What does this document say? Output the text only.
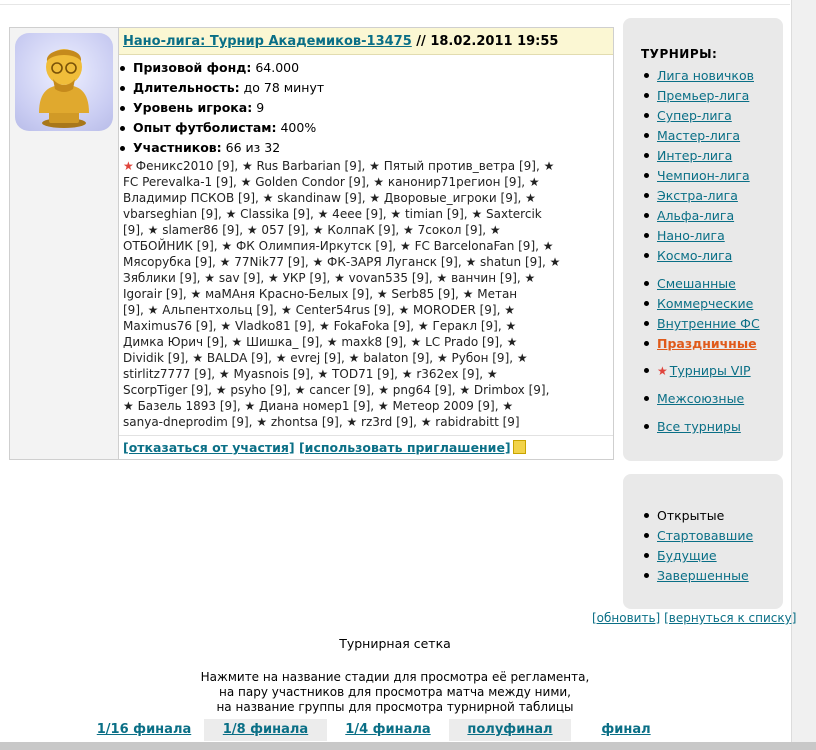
Нано-лига: Турнир Академиков-13475 // 18.02.2011 19:55
Призовой фонд: 64.000
Длительность: до 78 минут
Уровень игрока: 9
Опыт футболистам: 400%
Участников: 66 из 32
★ Феникс2010 [9], ★ Rus Barbarian [9], ★ Пятый против_ветра [9], ★
FC Perevalka-1 [9], ★ Golden Condor [9], ★ канонир71регион [9], ★
Владимир ПСКОВ [9], ★ skandinaw [9], ★ Дворовые_игроки [9], ★
vbarseghian [9], ★ Classika [9], ★ 4eee [9], ★ timian [9], ★ Saxtercik
[9], ★ slamer86 [9], ★ 057 [9], ★ КолпаК [9], ★ 7сокол [9], ★
ОТБОЙНИК [9], ★ ФК Олимпия-Иркутск [9], ★ FC BarcelonaFan [9], ★
Мясорубка [9], ★ 77Nik77 [9], ★ ФК-ЗАРЯ Луганск [9], ★ shatun [9], ★
Зяблики [9], ★ sav [9], ★ УКР [9], ★ vovan535 [9], ★ ванчин [9], ★
Igorair [9], ★ маМАня Красно-Белых [9], ★ Serb85 [9], ★ Метан
[9], ★ Альпентхольц [9], ★ Center54rus [9], ★ MORODER [9], ★
Maximus76 [9], ★ Vladko81 [9], ★ FokaFoka [9], ★ Геракл [9], ★
Димка Юрич [9], ★ Шишка_ [9], ★ maxk8 [9], ★ LC Prado [9], ★
Dividik [9], ★ BALDA [9], ★ evrej [9], ★ balaton [9], ★ Рубон [9], ★
stirlitz7777 [9], ★ Myasnois [9], ★ TOD71 [9], ★ r362ex [9], ★
ScorpTiger [9], ★ psyho [9], ★ cancer [9], ★ png64 [9], ★ Drimbox [9],
★ Базель 1893 [9], ★ Диана номер1 [9], ★ Метеор 2009 [9], ★
sanya-dneprodim [9], ★ zhontsa [9], ★ rz3rd [9], ★ rabidrabitt [9]
[отказаться от участия] [использовать приглашение]
ТУРНИРЫ:
Лига новичков
Премьер-лига
Супер-лига
Мастер-лига
Интер-лига
Чемпион-лига
Экстра-лига
Альфа-лига
Нано-лига
Космо-лига
Смешанные
Коммерческие
Внутренние ФС
Праздничные
★ Турниры VIP
Межсоюзные
Все турниры
Открытые
Стартовавшие
Будущие
Завершенные
[обновить] [вернуться к списку]
Турнирная сетка
Нажмите на название стадии для просмотра её регламента,
на пару участников для просмотра матча между ними,
на название группы для просмотра турнирной таблицы
1/16 финала	1/8 финала	1/4 финала	полуфинал	финал
